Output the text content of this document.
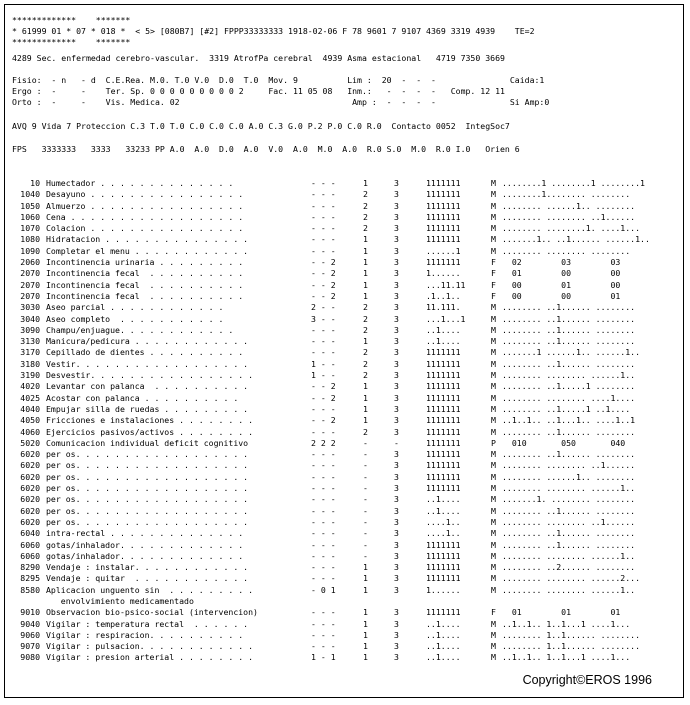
*************    *******
* 61999 01 * 07 * 018 *  < 5> [080B7] [#2] FPPP33333333 1918-02-06 F 78 9601 7 9107 4369 3319 4939    TE=2
*************    *******
4289 Sec. enfermedad cerebro-vascular.  3319 AtrofPa cerebral  4939 Asma estacional   4719 7350 3669
Fisio:  - n   - d  C.E.Rea. M.0. T.0 V.0  D.0  T.0  Mov. 9          Lim :  20  -  -  -               Caida:1
Ergo :  -     -    Ter. Sp. 0 0 0 0 0 0 0 0 0 2     Fac. 11 05 08   Inm.:   -  -  -  -   Comp. 12 11
Orto :  -     -    Vis. Medica. 02                                   Amp :  -  -  -  -               Si Amp:0
AVQ 9 Vida 7 Proteccion C.3 T.0 T.0 C.0 C.0 C.0 A.0 C.3 G.0 P.2 P.0 C.0 R.0  Contacto 0052  IntegSoc7
FPS   3333333   3333   33233 PP A.0  A.0  D.0  A.0  V.0  A.0  M.0  A.0  R.0 S.0  M.0  R.0 I.0   Orien 6
10 Humectador . . . . . . . . . . . . . .	- - -	1	3	1111111	M ........1 ........1 ........1
1040 Desayuno . . . . . . . . . . . . . . . .	- - -	2	3	1111111	M ........1........ ........
1050 Almuerzo . . . . . . . . . . . . . . . .	- - -	2	3	1111111	M ........ ......1.. ........
1060 Cena . . . . . . . . . . . . . . . . . .	- - -	2	3	1111111	M ........ ........ ..1......
1070 Colacion . . . . . . . . . . . . . . . .	- - -	2	3	1111111	M ........ ........1. ....1...
1080 Hidratacion . . . . . . . . . . . . . . .	- - -	1	3	1111111	M .......1.. ..1...... ......1..
1090 Completar el menu . . . . . . . . . . . .	- - -	1	3	......1	M ........ ........ ........
2060 Incontinencia urinaria . . . . . . . . .	- - 2	1	3	1111111	F 02        03        03
2070 Incontinencia fecal  . . . . . . . . . .	- - 2	1	3	1......	F 01        00        00
2070 Incontinencia fecal  . . . . . . . . . .	- - 2	1	3	...11.11	F 00        01        00
2070 Incontinencia fecal  . . . . . . . . . .	- - 2	1	3	.1..1..	F 00        00        01
3030 Aseo parcial . . . . . . . . . . . .	2 - -	2	3	11.111.	M ........ ..1...... ........
3040 Aseo completo  . . . . . . . . . . .	3 - -	2	3	...1...1	M ........ ..1...... ........
3090 Champu/enjuague. . . . . . . . . . . .	- - -	2	3	..1....	M ........ ..1...... ........
3130 Manicura/pedicura . . . . . . . . . . . .	- - -	1	3	..1....	M ........ ..1...... ........
3170 Cepillado de dientes . . . . . . . . . .	- - -	2	3	1111111	M .......1 ......1.. ......1..
3180 Vestir. . . . . . . . . . . . . . . . . .	1 - -	2	3	1111111	M ........ ..1...... ........
3190 Desvestir. . . . . . . . . . . . . . . . .	1 - -	2	3	1111111	M ........ ........ ......1..
4020 Levantar con palanca  . . . . . . . . . .	- - 2	1	3	1111111	M ........ ..1.....1 ........
4025 Acostar con palanca . . . . . . . . . .	- - 2	1	3	1111111	M ........ ........ ....1....
4040 Empujar silla de ruedas . . . . . . . . .	- - -	1	3	1111111	M ........ ..1.....1 ..1....
4050 Fricciones e instalaciones . . . . . . . .	- - 2	1	3	1111111	M ..1..1.. ..1...1.. ....1..1
4060 Ejercicios pasivos/activos . . . . . . . .	- - -	2	3	1111111	M ........ ..1...... ........
5020 Comunicacion individual deficit cognitivo	2 2 2	-	-	1111111	P 010       050       040
6020 per os. . . . . . . . . . . . . . . . . .	- - -	-	3	1111111	M ........ ..1...... ........
6020 per os. . . . . . . . . . . . . . . . . .	- - -	-	3	1111111	M ........ ........ ..1......
6020 per os. . . . . . . . . . . . . . . . . .	- - -	-	3	1111111	M ........ ......1.. ........
6020 per os. . . . . . . . . . . . . . . . . .	- - -	-	3	1111111	M ........ ........ ......1..
6020 per os. . . . . . . . . . . . . . . . . .	- - -	-	3	..1....	M .......1. ........ ........
6020 per os. . . . . . . . . . . . . . . . . .	- - -	-	3	..1....	M ........ ..1...... ........
6020 per os. . . . . . . . . . . . . . . . . .	- - -	-	3	....1..	M ........ ........ ..1......
6040 intra-rectal . . . . . . . . . . . . . .	- - -	-	3	....1..	M ........ ..1...... ........
6060 gotas/inhalador. . . . . . . . . . . . .	- - -	-	3	1111111	M ........ ..1...... ........
6060 gotas/inhalador. . . . . . . . . . . . .	- - -	-	3	1111111	M ........ ........ ......1..
8290 Vendaje : instalar. . . . . . . . . . . .	- - -	1	3	1111111	M ........ ..2...... ........
8295 Vendaje : quitar  . . . . . . . . . . . .	- - -	1	3	1111111	M ........ ........ ......2...
8580 Aplicacion unguento sin  . . . . . . . . .	- 0 1	1	3	1......	M ........ ........ ......1..
envolvimiento medicamentado
9010 Observacion bio-psico-social (intervencion)	- - -	1	3	1111111	F 01        01        01
9040 Vigilar : temperatura rectal  . . . . . .	- - -	1	3	..1....	M ..1..1.. 1..1...1 ....1...
9060 Vigilar : respiracion. . . . . . . . . .	- - -	1	3	..1....	M ........ 1..1...... ........
9070 Vigilar : pulsacion. . . . . . . . . . . .	- - -	1	3	..1....	M ........ 1..1...... ........
9080 Vigilar : presion arterial . . . . . . . .	1 - 1	1	3	..1....	M ..1..1.. 1..1...1 ....1...
Copyright©EROS 1996
